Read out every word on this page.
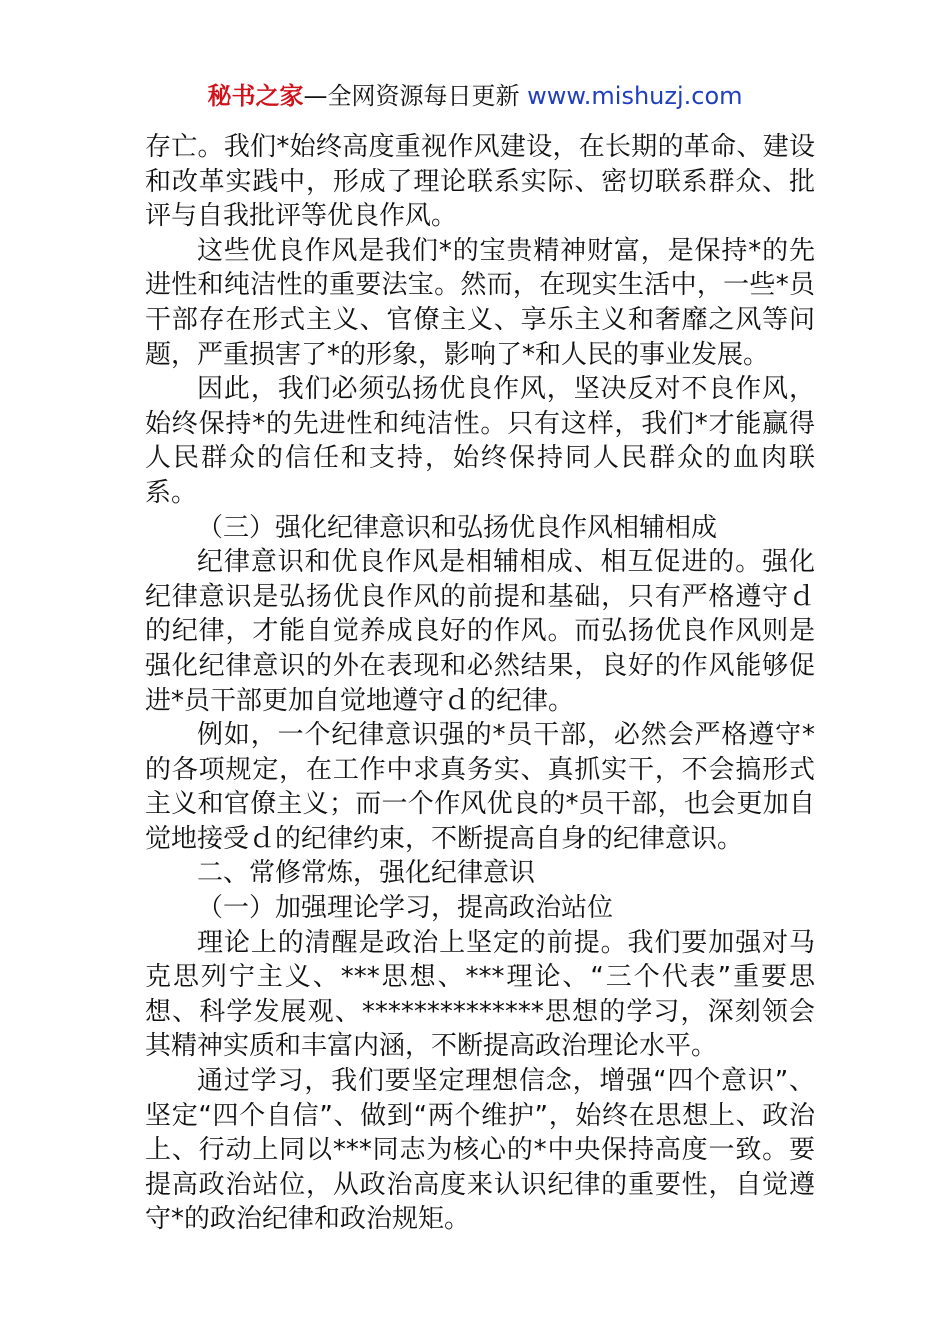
秘书之家—全网资源每日更新 www.mishuzj.com

存亡。我们*始终高度重视作风建设，在长期的革命、建设和改革实践中，形成了理论联系实际、密切联系群众、批评与自我批评等优良作风。

这些优良作风是我们*的宝贵精神财富，是保持*的先进性和纯洁性的重要法宝。然而，在现实生活中，一些*员干部存在形式主义、官僚主义、享乐主义和奢靡之风等问题，严重损害了*的形象，影响了*和人民的事业发展。

因此，我们必须弘扬优良作风，坚决反对不良作风，始终保持*的先进性和纯洁性。只有这样，我们*才能赢得人民群众的信任和支持，始终保持同人民群众的血肉联系。

（三）强化纪律意识和弘扬优良作风相辅相成

纪律意识和优良作风是相辅相成、相互促进的。强化纪律意识是弘扬优良作风的前提和基础，只有严格遵守ｄ的纪律，才能自觉养成良好的作风。而弘扬优良作风则是强化纪律意识的外在表现和必然结果，良好的作风能够促进*员干部更加自觉地遵守ｄ的纪律。

例如，一个纪律意识强的*员干部，必然会严格遵守*的各项规定，在工作中求真务实、真抓实干，不会搞形式主义和官僚主义；而一个作风优良的*员干部，也会更加自觉地接受ｄ的纪律约束，不断提高自身的纪律意识。

二、常修常炼，强化纪律意识

（一）加强理论学习，提高政治站位

理论上的清醒是政治上坚定的前提。我们要加强对马克思列宁主义、***思想、***理论、“三个代表”重要思想、科学发展观、**************思想的学习，深刻领会其精神实质和丰富内涵，不断提高政治理论水平。

通过学习，我们要坚定理想信念，增强“四个意识”、坚定“四个自信”、做到“两个维护”，始终在思想上、政治上、行动上同以***同志为核心的*中央保持高度一致。要提高政治站位，从政治高度来认识纪律的重要性，自觉遵守*的政治纪律和政治规矩。
